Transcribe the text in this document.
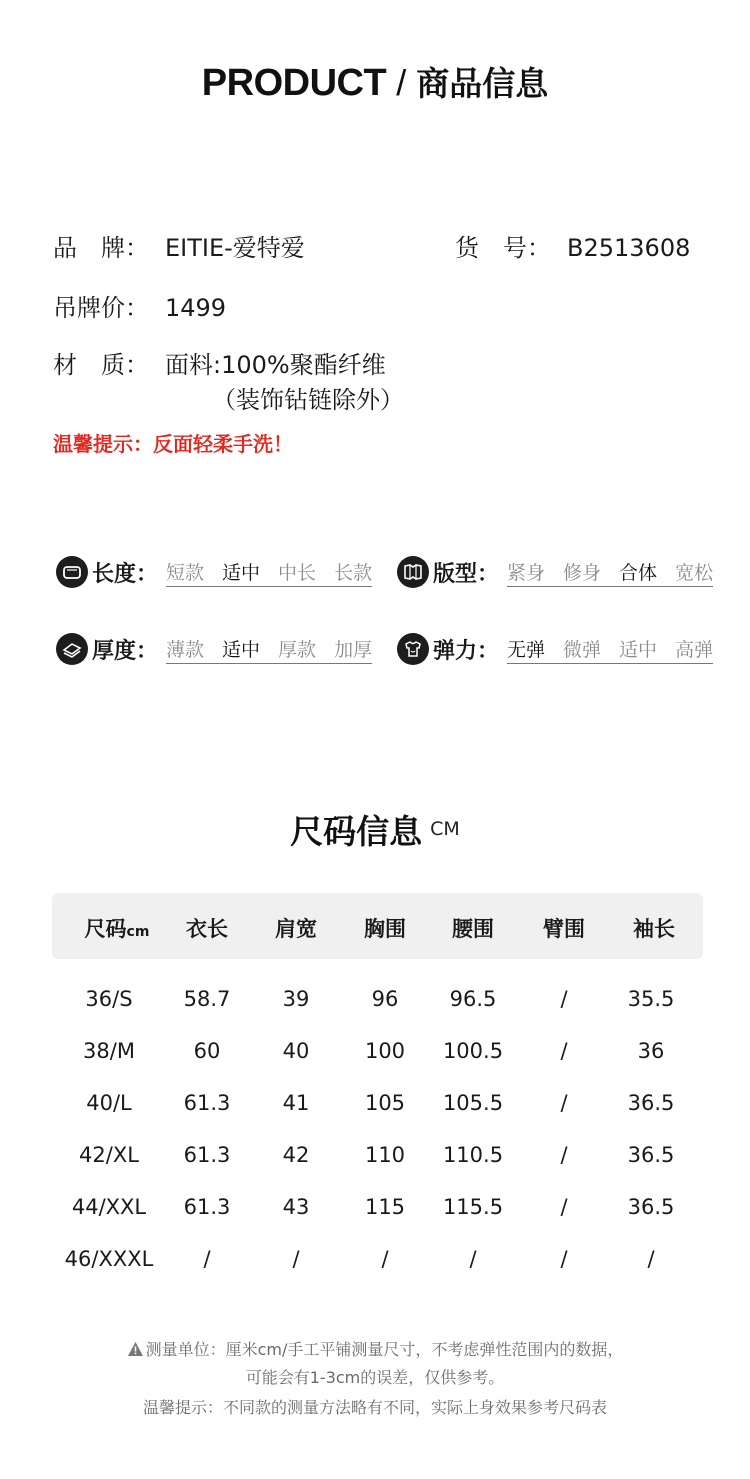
PRODUCT / 商品信息
品　牌： EITIE-爱特爱	货　号： B2513608
吊牌价： 1499
材　质： 面料:100%聚酯纤维
（装饰钻链除外）
温馨提示：反面轻柔手洗！
长度： 短款 适中 中长 长款	版型： 紧身 修身 合体 宽松
厚度： 薄款 适中 厚款 加厚	弹力： 无弹 微弹 适中 高弹
尺码信息 CM
尺码cm	衣长	肩宽	胸围	腰围	臂围	袖长
36/S	58.7	39	96	96.5	/	35.5
38/M	60	40	100	100.5	/	36
40/L	61.3	41	105	105.5	/	36.5
42/XL	61.3	42	110	110.5	/	36.5
44/XXL	61.3	43	115	115.5	/	36.5
46/XXXL	/	/	/	/	/	/
测量单位：厘米cm/手工平铺测量尺寸，不考虑弹性范围内的数据，
可能会有1-3cm的误差，仅供参考。
温馨提示：不同款的测量方法略有不同，实际上身效果参考尺码表
